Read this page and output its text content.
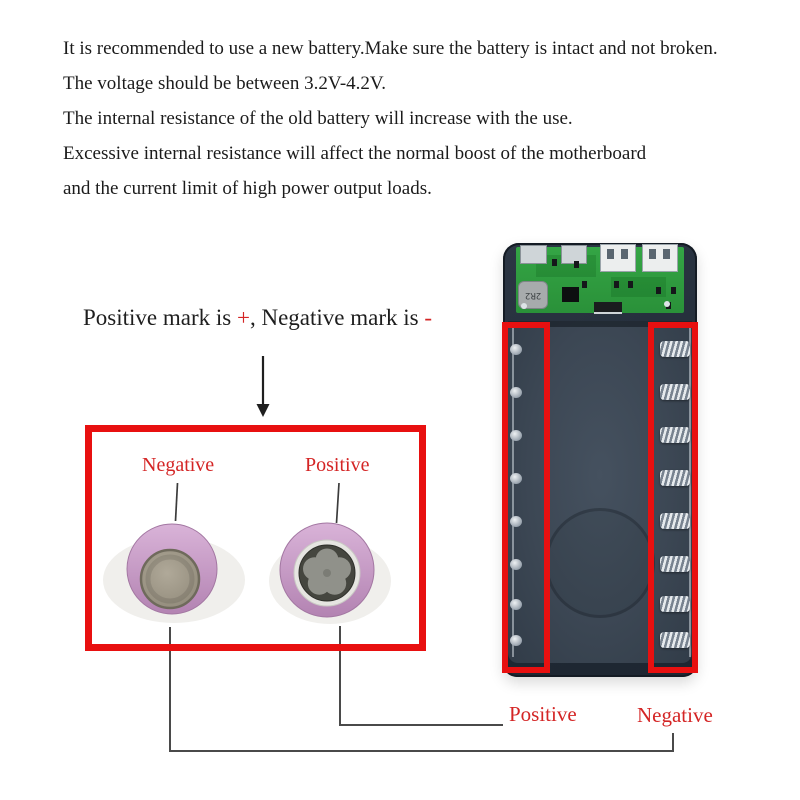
It is recommended to use a new battery.Make sure the battery is intact and not broken.
The voltage should be between 3.2V-4.2V.
The internal resistance of the old battery will increase with the use.
Excessive internal resistance will affect the normal boost of the motherboard
and the current limit of high power output loads.
Positive mark is +, Negative mark is -
Negative	Positive
2R2
Positive	Negative
